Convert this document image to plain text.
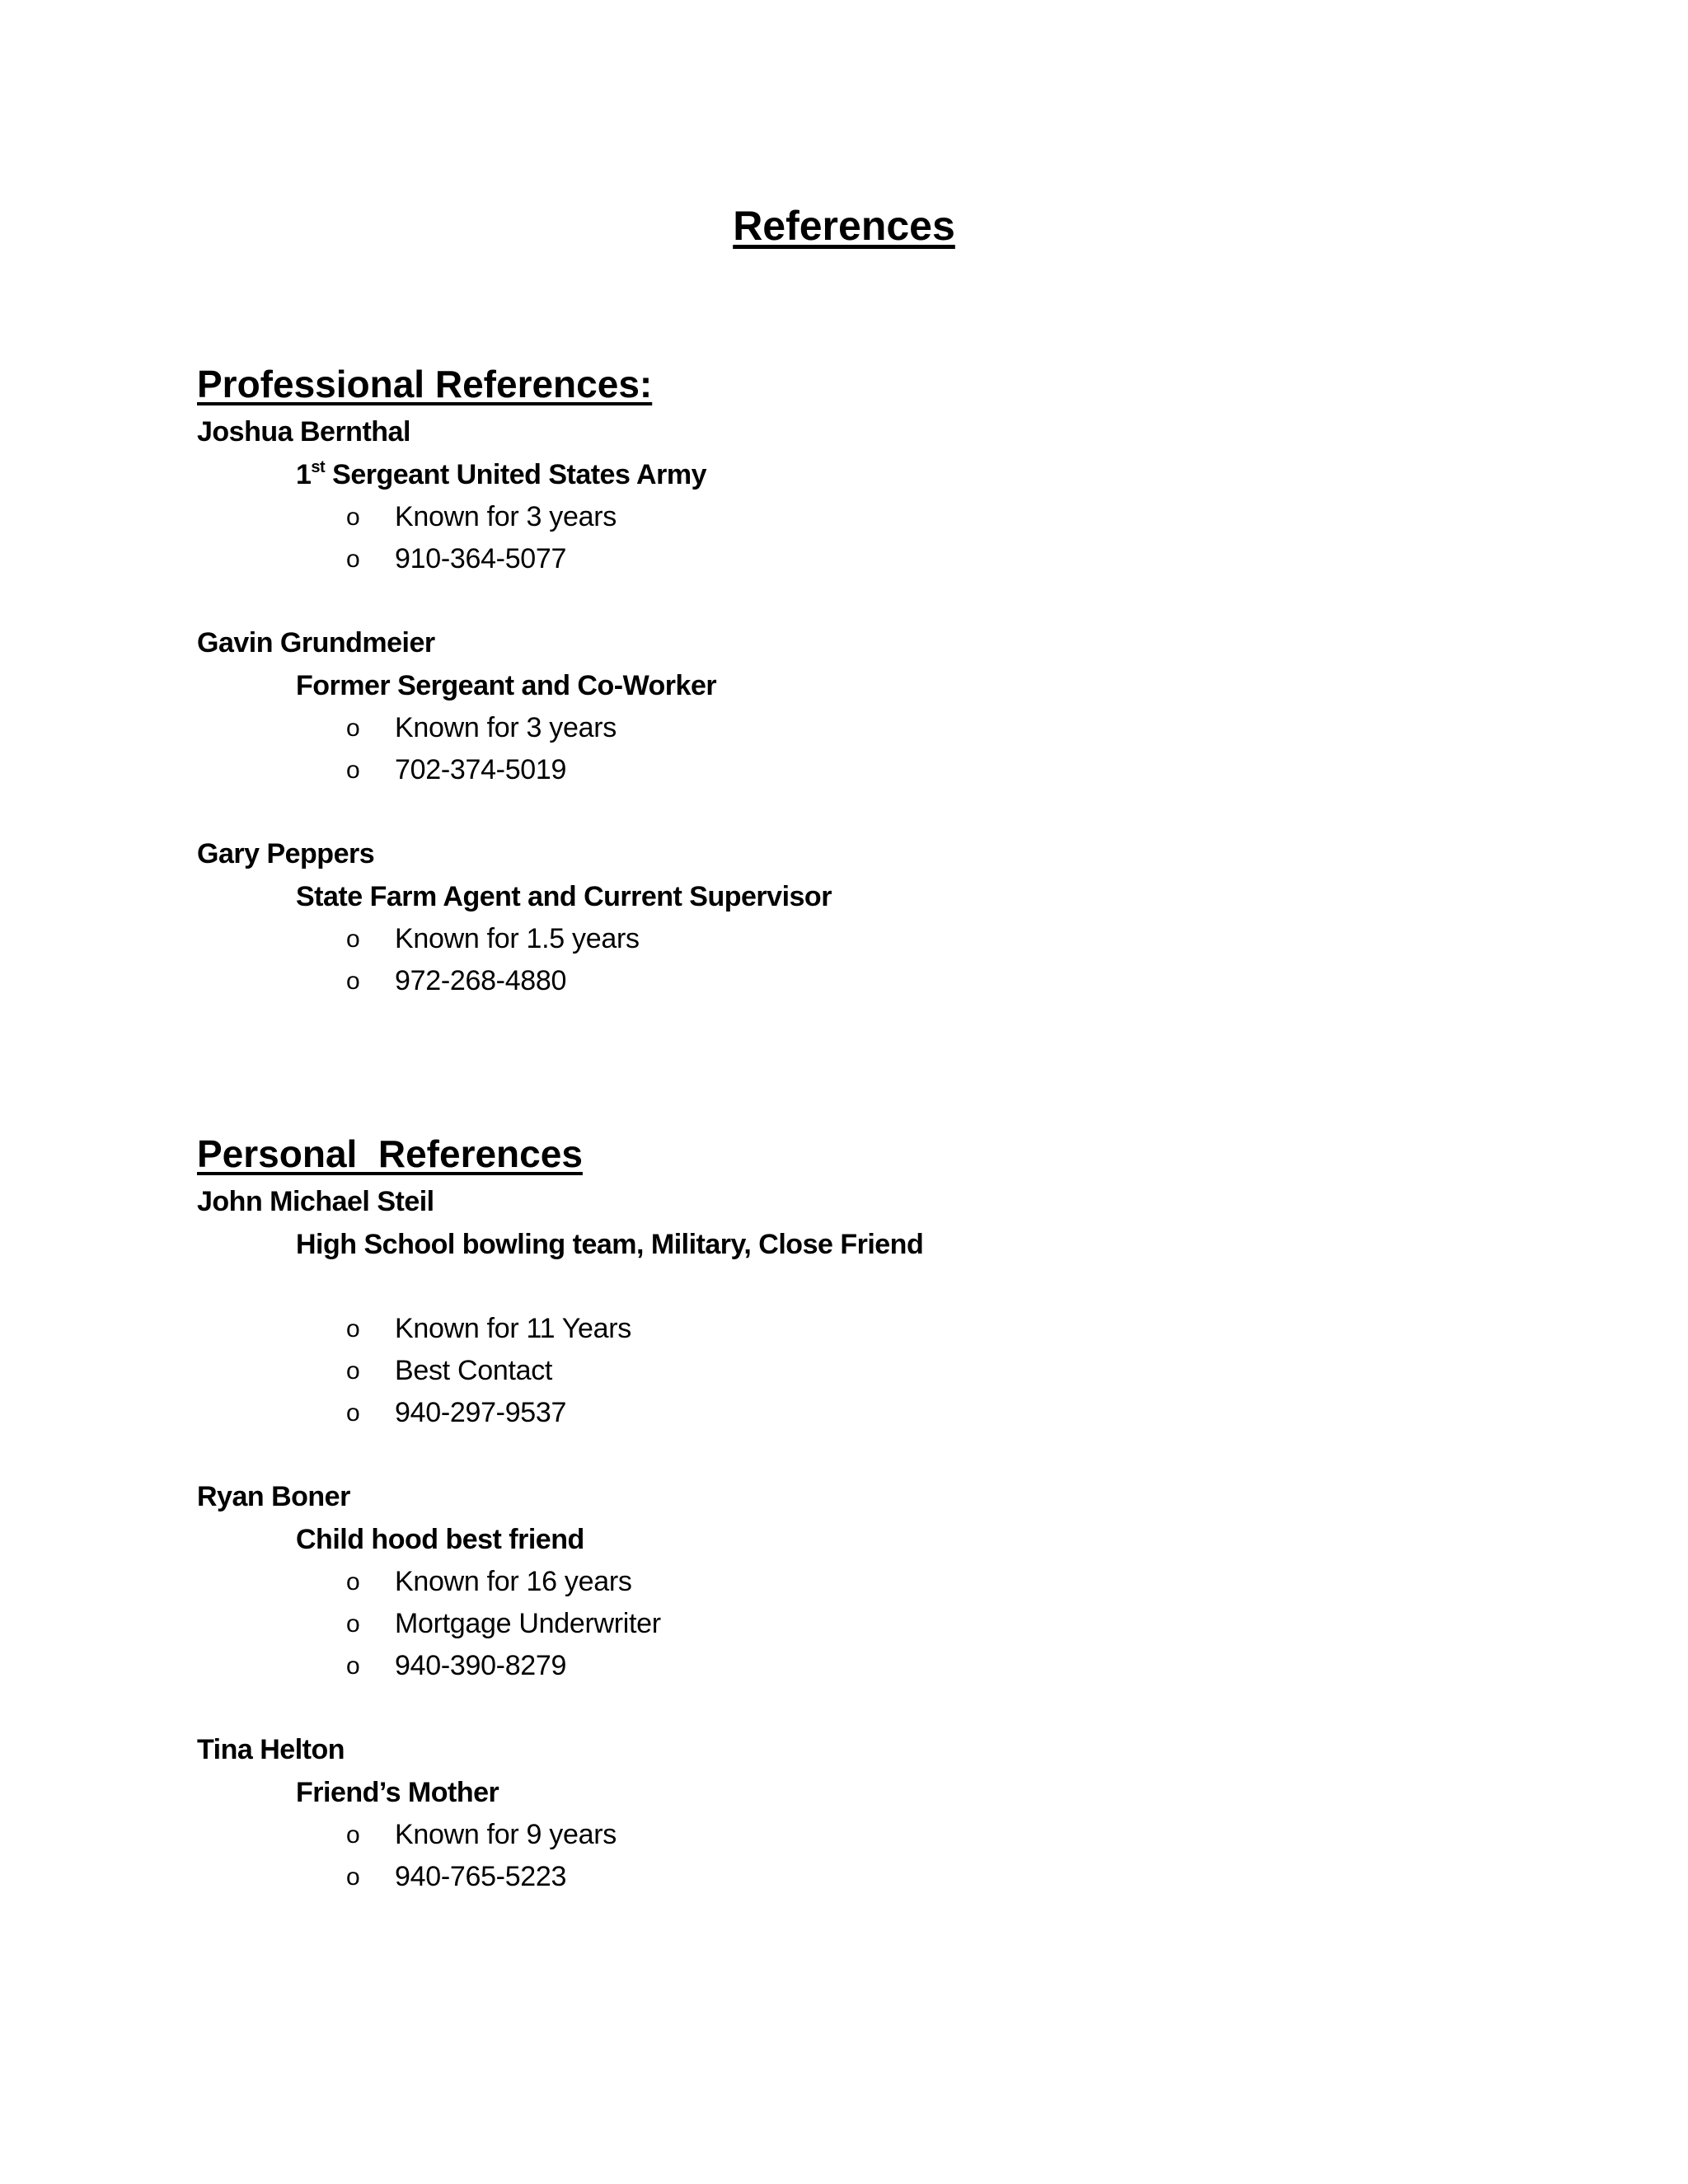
References
Professional References:
Joshua Bernthal
1st Sergeant United States Army
o Known for 3 years
o 910-364-5077
Gavin Grundmeier
Former Sergeant and Co-Worker
o Known for 3 years
o 702-374-5019
Gary Peppers
State Farm Agent and Current Supervisor
o Known for 1.5 years
o 972-268-4880
Personal  References
John Michael Steil
High School bowling team, Military, Close Friend
o Known for 11 Years
o Best Contact
o 940-297-9537
Ryan Boner
Child hood best friend
o Known for 16 years
o Mortgage Underwriter
o 940-390-8279
Tina Helton
Friend’s Mother
o Known for 9 years
o 940-765-5223
